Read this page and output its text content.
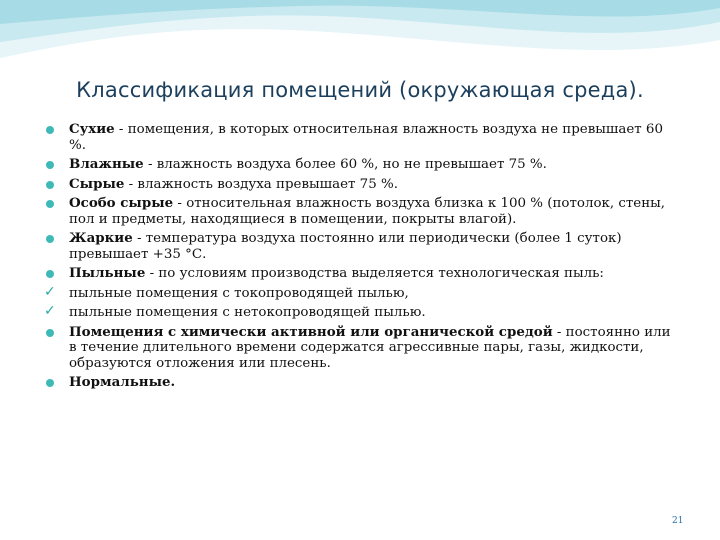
Классификация помещений (окружающая среда).
Сухие - помещения, в которых относительная влажность воздуха не превышает 60 %.
Влажные - влажность воздуха более 60 %, но не превышает 75 %.
Сырые - влажность воздуха превышает 75 %.
Особо сырые - относительная влажность воздуха близка к 100 % (потолок, стены, пол и предметы, находящиеся в помещении, покрыты влагой).
Жаркие - температура воздуха постоянно или периодически (более 1 суток) превышает +35 °С.
Пыльные - по условиям производства выделяется технологическая пыль:
✓ пыльные помещения с токопроводящей пылью,
✓ пыльные помещения с нетокопроводящей пылью.
Помещения с химически активной или органической средой - постоянно или в течение длительного времени содержатся агрессивные пары, газы, жидкости, образуются отложения или плесень.
Нормальные.
21
